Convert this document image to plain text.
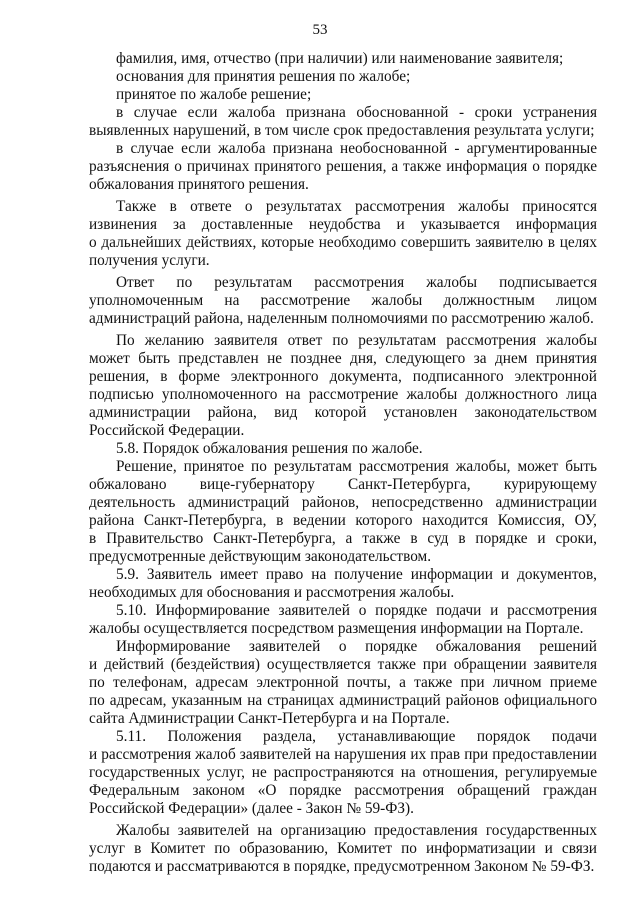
53
фамилия, имя, отчество (при наличии) или наименование заявителя;
основания для принятия решения по жалобе;
принятое по жалобе решение;
в случае если жалоба признана обоснованной - сроки устранения
выявленных нарушений, в том числе срок предоставления результата услуги;
в случае если жалоба признана необоснованной - аргументированные
разъяснения о причинах принятого решения, а также информация о порядке
обжалования принятого решения.
Также в ответе о результатах рассмотрения жалобы приносятся
извинения за доставленные неудобства и указывается информация
о дальнейших действиях, которые необходимо совершить заявителю в целях
получения услуги.
Ответ по результатам рассмотрения жалобы подписывается
уполномоченным на рассмотрение жалобы должностным лицом
администраций района, наделенным полномочиями по рассмотрению жалоб.
По желанию заявителя ответ по результатам рассмотрения жалобы
может быть представлен не позднее дня, следующего за днем принятия
решения, в форме электронного документа, подписанного электронной
подписью уполномоченного на рассмотрение жалобы должностного лица
администрации района, вид которой установлен законодательством
Российской Федерации.
5.8. Порядок обжалования решения по жалобе.
Решение, принятое по результатам рассмотрения жалобы, может быть
обжаловано вице-губернатору Санкт-Петербурга, курирующему
деятельность администраций районов, непосредственно администрации
района Санкт-Петербурга, в ведении которого находится Комиссия, ОУ,
в Правительство Санкт-Петербурга, а также в суд в порядке и сроки,
предусмотренные действующим законодательством.
5.9. Заявитель имеет право на получение информации и документов,
необходимых для обоснования и рассмотрения жалобы.
5.10. Информирование заявителей о порядке подачи и рассмотрения
жалобы осуществляется посредством размещения информации на Портале.
Информирование заявителей о порядке обжалования решений
и действий (бездействия) осуществляется также при обращении заявителя
по телефонам, адресам электронной почты, а также при личном приеме
по адресам, указанным на страницах администраций районов официального
сайта Администрации Санкт-Петербурга и на Портале.
5.11. Положения раздела, устанавливающие порядок подачи
и рассмотрения жалоб заявителей на нарушения их прав при предоставлении
государственных услуг, не распространяются на отношения, регулируемые
Федеральным законом «О порядке рассмотрения обращений граждан
Российской Федерации» (далее - Закон № 59-ФЗ).
Жалобы заявителей на организацию предоставления государственных
услуг в Комитет по образованию, Комитет по информатизации и связи
подаются и рассматриваются в порядке, предусмотренном Законом № 59-ФЗ.
